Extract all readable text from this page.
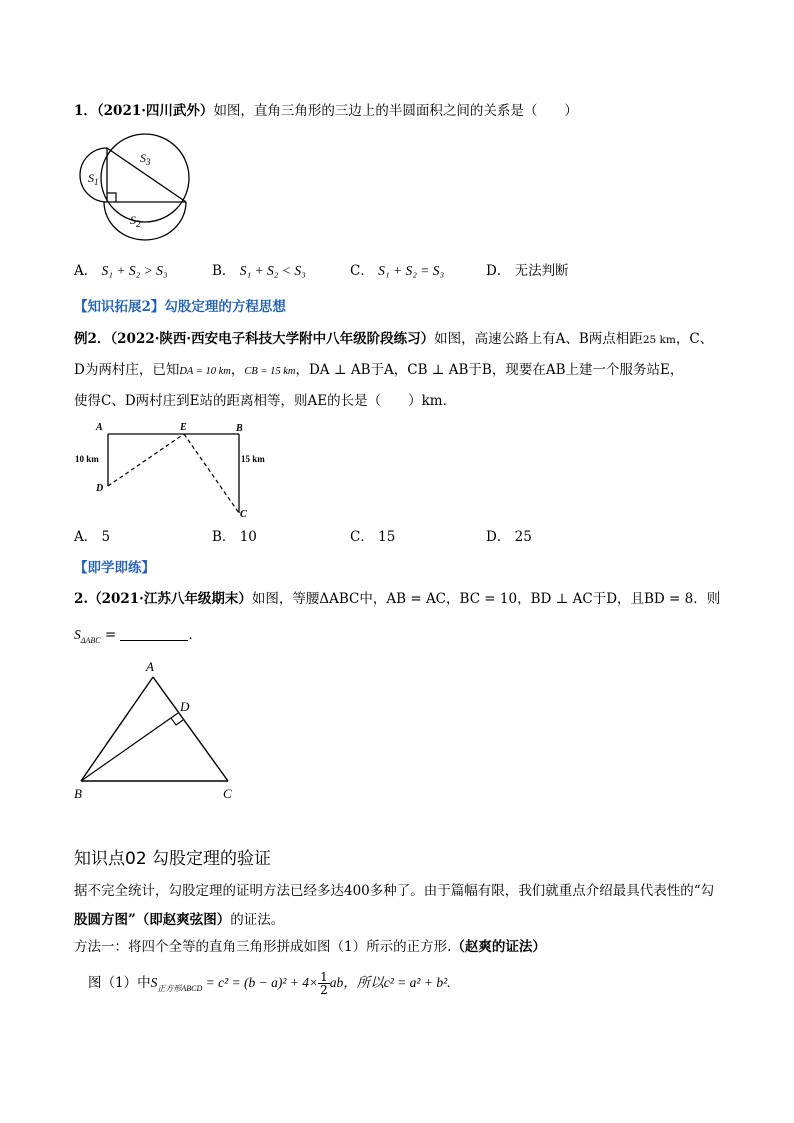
1．（2021·四川武外）如图，直角三角形的三边上的半圆面积之间的关系是（　　）
$S_1$
$S_3$
$S_2$
A． S₁ + S₂ > S₃	B． S₁ + S₂ < S₃	C． S₁ + S₂ = S₃	D． 无法判断
【知识拓展2】勾股定理的方程思想
例2．（2022·陕西·西安电子科技大学附中八年级阶段练习）如图，高速公路上有A、B两点相距25 km，C、
D为两村庄，已知DA = 10 km，CB = 15 km，DA ⊥ AB于A，CB ⊥ AB于B，现要在AB上建一个服务站E，
使得C、D两村庄到E站的距离相等，则AE的长是（　　）km．
A	E	B
D
C
10 km	15 km
A． 5	B． 10	C． 15	D． 25
【即学即练】
2.（2021·江苏八年级期末）如图，等腰ΔABC中，AB = AC，BC = 10，BD ⊥ AC于D，且BD = 8．则
$S_{\Delta ABC}$ =	．
A
D
B	C
知识点02 勾股定理的验证
据不完全统计，勾股定理的证明方法已经多达400多种了。由于篇幅有限，我们就重点介绍最具代表性的“勾
股圆方图”（即赵爽弦图）的证法。
方法一：将四个全等的直角三角形拼成如图（1）所示的正方形.（赵爽的证法）
图（1）中$S_{正方形ABCD} = c^2 = (b - a)^2 + 4\times \frac{1}{2}$ ab，所以c² = a² + b².
